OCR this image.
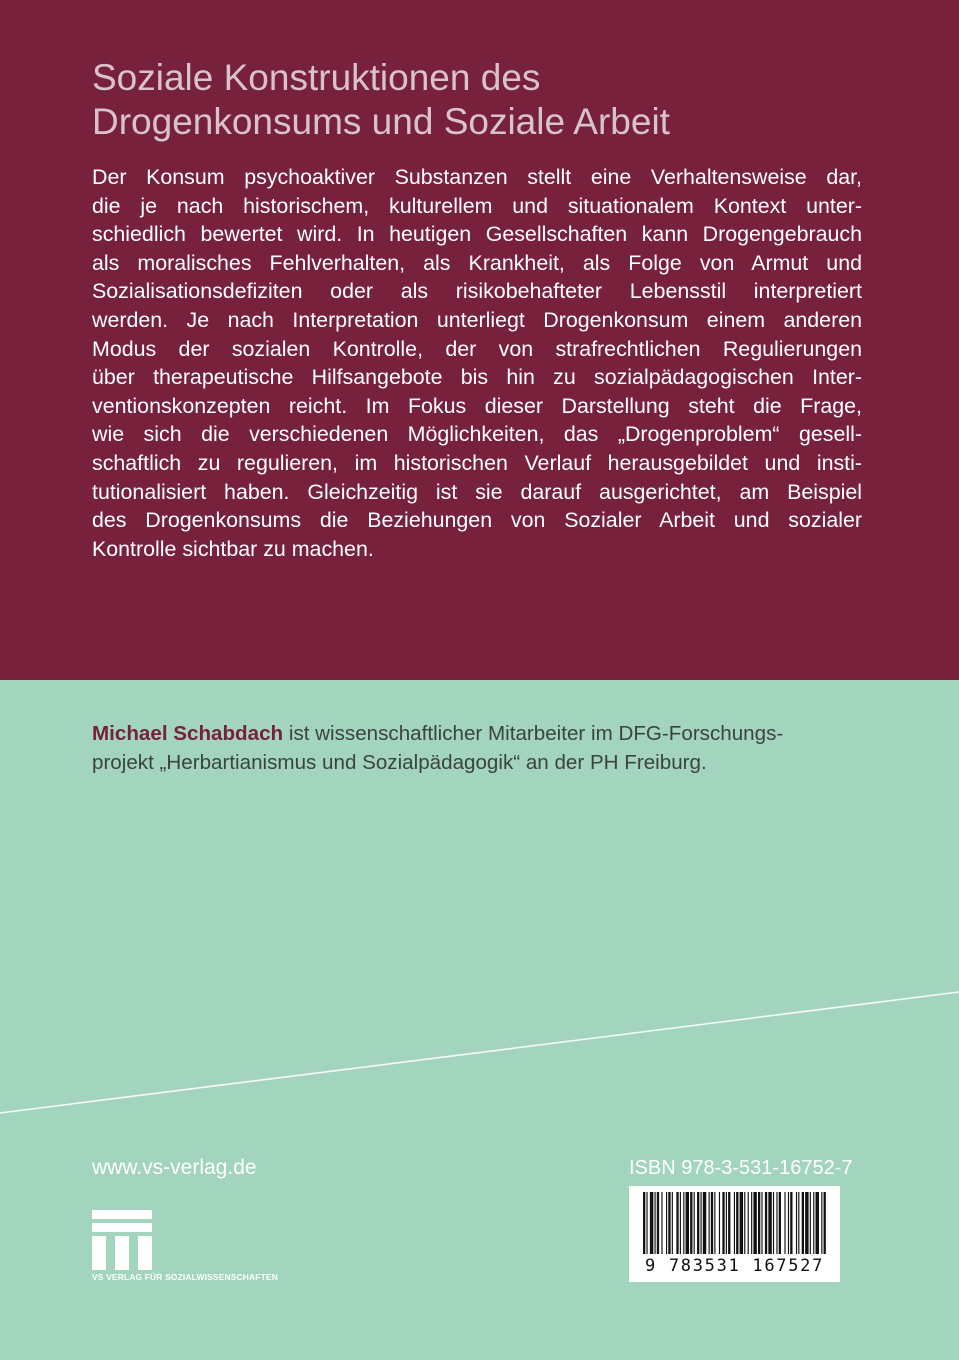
Soziale Konstruktionen des
Drogenkonsums und Soziale Arbeit

Der Konsum psychoaktiver Substanzen stellt eine Verhaltensweise dar,
die je nach historischem, kulturellem und situationalem Kontext unter-
schiedlich bewertet wird. In heutigen Gesellschaften kann Drogengebrauch
als moralisches Fehlverhalten, als Krankheit, als Folge von Armut und
Sozialisationsdefiziten oder als risikobehafteter Lebensstil interpretiert
werden. Je nach Interpretation unterliegt Drogenkonsum einem anderen
Modus der sozialen Kontrolle, der von strafrechtlichen Regulierungen
über therapeutische Hilfsangebote bis hin zu sozialpädagogischen Inter-
ventionskonzepten reicht. Im Fokus dieser Darstellung steht die Frage,
wie sich die verschiedenen Möglichkeiten, das „Drogenproblem“ gesell-
schaftlich zu regulieren, im historischen Verlauf herausgebildet und insti-
tutionalisiert haben. Gleichzeitig ist sie darauf ausgerichtet, am Beispiel
des Drogenkonsums die Beziehungen von Sozialer Arbeit und sozialer
Kontrolle sichtbar zu machen.

Michael Schabdach ist wissenschaftlicher Mitarbeiter im DFG-Forschungs-
projekt „Herbartianismus und Sozialpädagogik“ an der PH Freiburg.

www.vs-verlag.de
VS VERLAG FÜR SOZIALWISSENSCHAFTEN
ISBN 978-3-531-16752-7
9 783531 167527
